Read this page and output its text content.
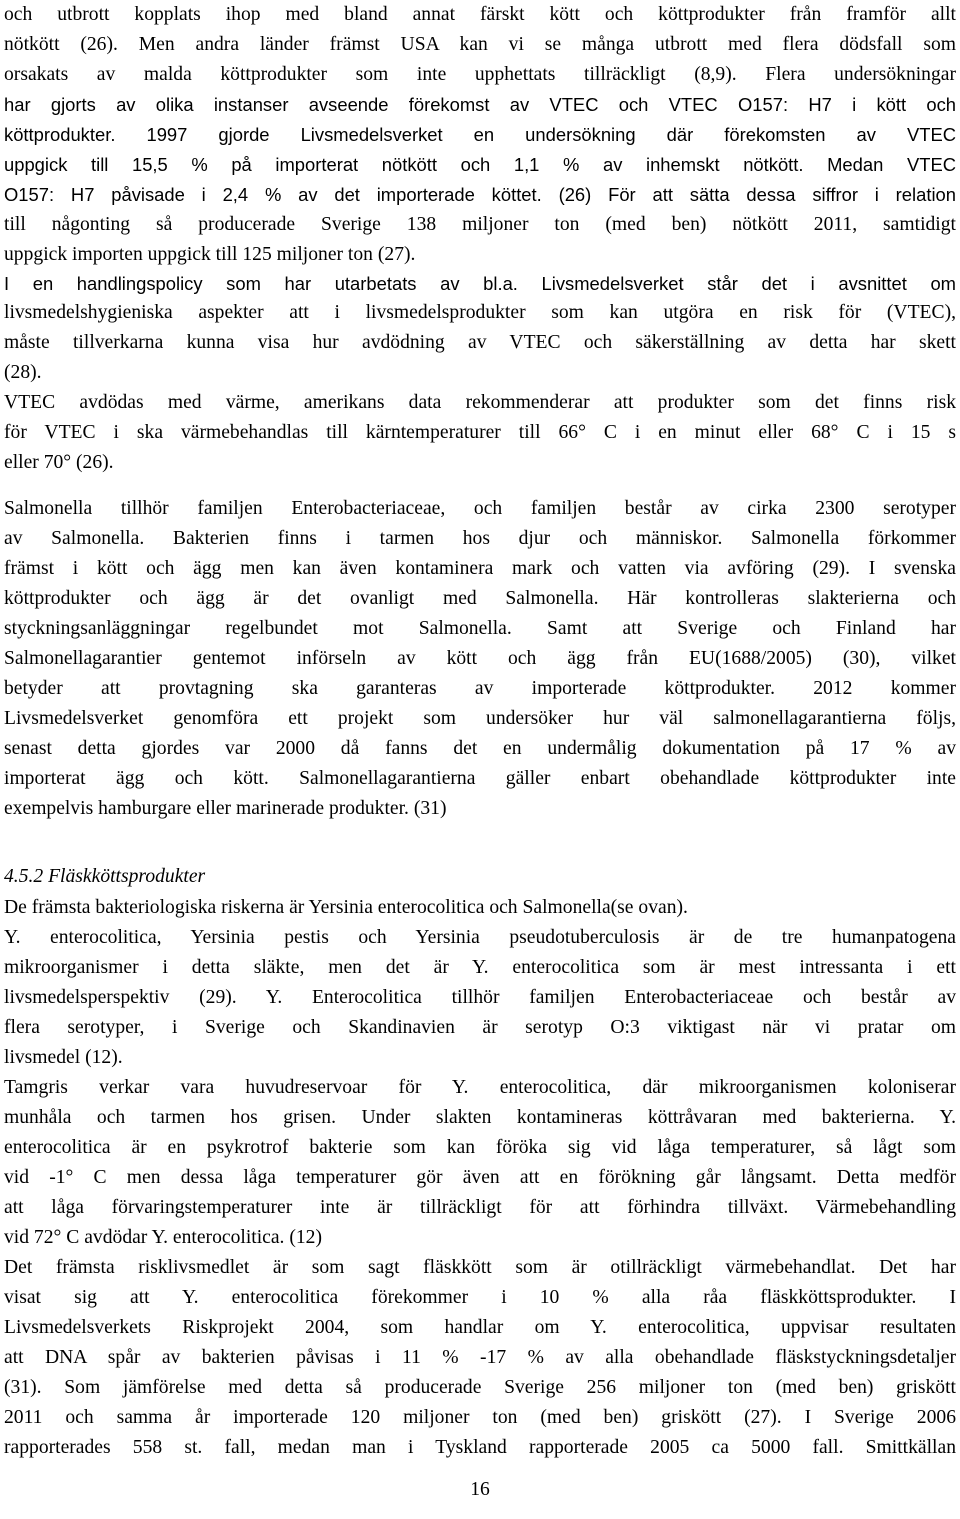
och utbrott kopplats ihop med bland annat färskt kött och köttprodukter från framför allt
nötkött (26). Men andra länder främst USA kan vi se många utbrott med flera dödsfall som
orsakats av malda köttprodukter som inte upphettats tillräckligt (8,9). Flera undersökningar
har gjorts av olika instanser avseende förekomst av VTEC och VTEC O157: H7 i kött och
köttprodukter. 1997 gjorde Livsmedelsverket en undersökning där förekomsten av VTEC
uppgick till 15,5 % på importerat nötkött och 1,1 % av inhemskt nötkött. Medan VTEC
O157: H7 påvisade i 2,4 % av det importerade köttet. (26) För att sätta dessa siffror i relation
till någonting så producerade Sverige 138 miljoner ton (med ben) nötkött 2011, samtidigt
uppgick importen uppgick till 125 miljoner ton (27).
I en handlingspolicy som har utarbetats av bl.a. Livsmedelsverket står det i avsnittet om
livsmedelshygieniska aspekter att i livsmedelsprodukter som kan utgöra en risk för (VTEC),
måste tillverkarna kunna visa hur avdödning av VTEC och säkerställning av detta har skett
(28).
VTEC avdödas med värme, amerikans data rekommenderar att produkter som det finns risk
för VTEC i ska värmebehandlas till kärntemperaturer till 66° C i en minut eller 68° C i 15 s
eller 70° (26).
Salmonella tillhör familjen Enterobacteriaceae, och familjen består av cirka 2300 serotyper
av Salmonella. Bakterien finns i tarmen hos djur och människor. Salmonella förkommer
främst i kött och ägg men kan även kontaminera mark och vatten via avföring (29). I svenska
köttprodukter och ägg är det ovanligt med Salmonella. Här kontrolleras slakterierna och
styckningsanläggningar regelbundet mot Salmonella. Samt att Sverige och Finland har
Salmonellagarantier gentemot införseln av kött och ägg från EU(1688/2005) (30), vilket
betyder att provtagning ska garanteras av importerade köttprodukter. 2012 kommer
Livsmedelsverket genomföra ett projekt som undersöker hur väl salmonellagarantierna följs,
senast detta gjordes var 2000 då fanns det en undermålig dokumentation på 17 % av
importerat ägg och kött. Salmonellagarantierna gäller enbart obehandlade köttprodukter inte
exempelvis hamburgare eller marinerade produkter. (31)
4.5.2 Fläskköttsprodukter
De främsta bakteriologiska riskerna är Yersinia enterocolitica och Salmonella(se ovan).
Y. enterocolitica, Yersinia pestis och Yersinia pseudotuberculosis är de tre humanpatogena
mikroorganismer i detta släkte, men det är Y. enterocolitica som är mest intressanta i ett
livsmedelsperspektiv (29). Y. Enterocolitica tillhör familjen Enterobacteriaceae och består av
flera serotyper, i Sverige och Skandinavien är serotyp O:3 viktigast när vi pratar om
livsmedel (12).
Tamgris verkar vara huvudreservoar för Y. enterocolitica, där mikroorganismen koloniserar
munhåla och tarmen hos grisen. Under slakten kontamineras köttråvaran med bakterierna. Y.
enterocolitica är en psykrotrof bakterie som kan föröka sig vid låga temperaturer, så lågt som
vid -1° C men dessa låga temperaturer gör även att en förökning går långsamt. Detta medför
att låga förvaringstemperaturer inte är tillräckligt för att förhindra tillväxt. Värmebehandling
vid 72° C avdödar Y. enterocolitica. (12)
Det främsta risklivsmedlet är som sagt fläskkött som är otillräckligt värmebehandlat. Det har
visat sig att Y. enterocolitica förekommer i 10 % alla råa fläskköttsprodukter. I
Livsmedelsverkets Riskprojekt 2004, som handlar om Y. enterocolitica, uppvisar resultaten
att DNA spår av bakterien påvisas i 11 % -17 % av alla obehandlade fläskstyckningsdetaljer
(31). Som jämförelse med detta så producerade Sverige 256 miljoner ton (med ben) griskött
2011 och samma år importerade 120 miljoner ton (med ben) griskött (27). I Sverige 2006
rapporterades 558 st. fall, medan man i Tyskland rapporterade 2005 ca 5000 fall. Smittkällan
16
